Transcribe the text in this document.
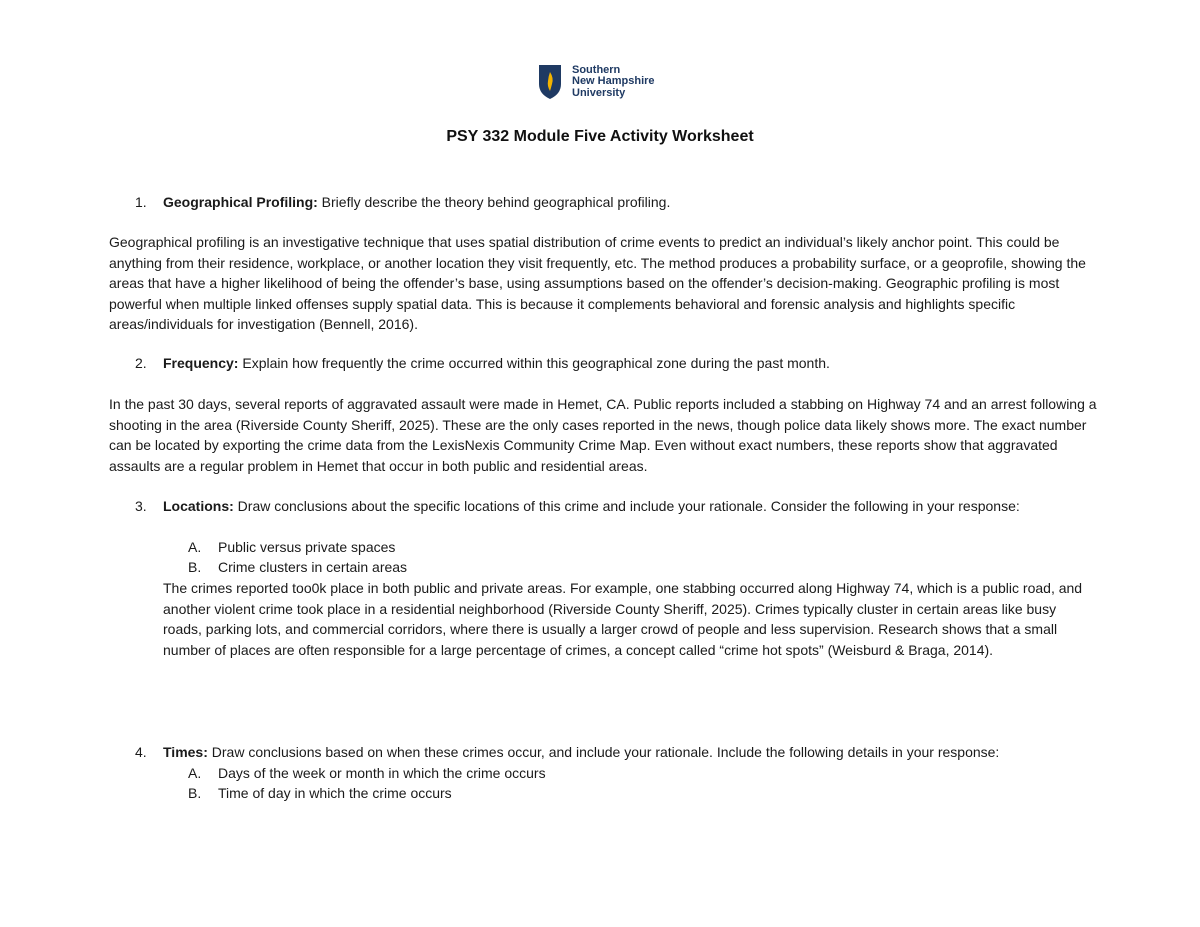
Southern
New Hampshire
University
PSY 332 Module Five Activity Worksheet
1. Geographical Profiling: Briefly describe the theory behind geographical profiling.

Geographical profiling is an investigative technique that uses spatial distribution of crime events to predict an individual’s likely anchor point. This could be anything from their residence, workplace, or another location they visit frequently, etc. The method produces a probability surface, or a geoprofile, showing the areas that have a higher likelihood of being the offender’s base, using assumptions based on the offender’s decision-making. Geographic profiling is most powerful when multiple linked offenses supply spatial data. This is because it complements behavioral and forensic analysis and highlights specific areas/individuals for investigation (Bennell, 2016).

2. Frequency: Explain how frequently the crime occurred within this geographical zone during the past month.

In the past 30 days, several reports of aggravated assault were made in Hemet, CA. Public reports included a stabbing on Highway 74 and an arrest following a shooting in the area (Riverside County Sheriff, 2025). These are the only cases reported in the news, though police data likely shows more. The exact number can be located by exporting the crime data from the LexisNexis Community Crime Map. Even without exact numbers, these reports show that aggravated assaults are a regular problem in Hemet that occur in both public and residential areas.

3. Locations: Draw conclusions about the specific locations of this crime and include your rationale. Consider the following in your response:
A. Public versus private spaces
B. Crime clusters in certain areas

The crimes reported too0k place in both public and private areas. For example, one stabbing occurred along Highway 74, which is a public road, and another violent crime took place in a residential neighborhood (Riverside County Sheriff, 2025). Crimes typically cluster in certain areas like busy roads, parking lots, and commercial corridors, where there is usually a larger crowd of people and less supervision. Research shows that a small number of places are often responsible for a large percentage of crimes, a concept called “crime hot spots” (Weisburd & Braga, 2014).

4. Times: Draw conclusions based on when these crimes occur, and include your rationale. Include the following details in your response:
A. Days of the week or month in which the crime occurs
B. Time of day in which the crime occurs
